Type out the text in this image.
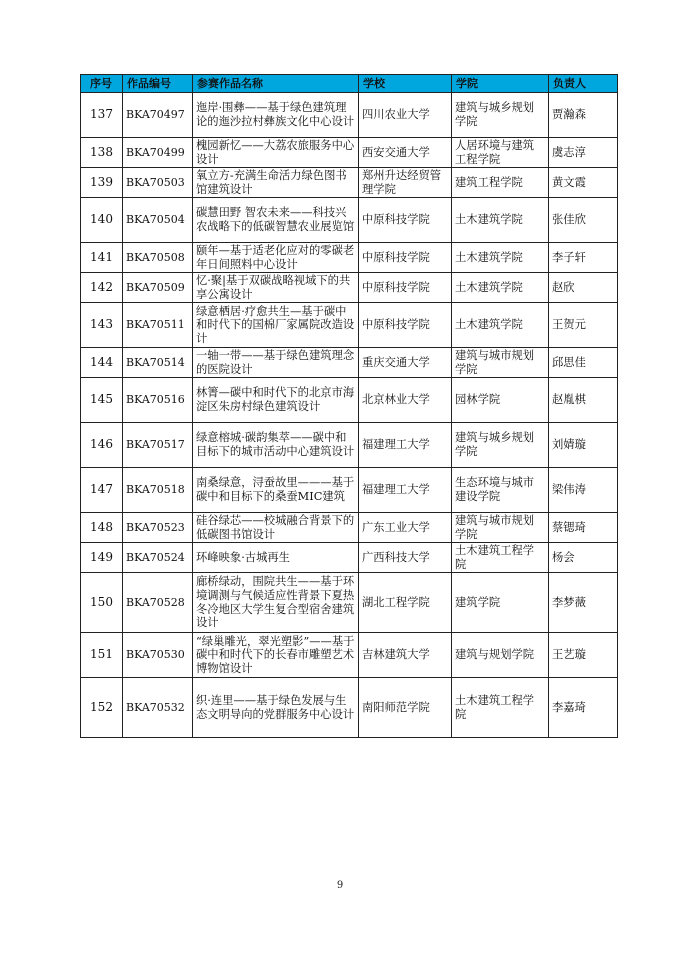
序号	作品编号	参赛作品名称	学校	学院	负责人
137	BKA70497	迤岸·围彝——基于绿色建筑理论的迤沙拉村彝族文化中心设计	四川农业大学	建筑与城乡规划学院	贾瀚森
138	BKA70499	槐园新忆——大荔农旅服务中心设计	西安交通大学	人居环境与建筑工程学院	虞志淳
139	BKA70503	氧立方-充满生命活力绿色图书馆建筑设计	郑州升达经贸管理学院	建筑工程学院	黄文霞
140	BKA70504	碳慧田野 智农未来——科技兴农战略下的低碳智慧农业展览馆	中原科技学院	土木建筑学院	张佳欣
141	BKA70508	颐年—基于适老化应对的零碳老年日间照料中心设计	中原科技学院	土木建筑学院	李子轩
142	BKA70509	忆·聚|基于双碳战略视域下的共享公寓设计	中原科技学院	土木建筑学院	赵欣
143	BKA70511	绿意栖居·疗愈共生—基于碳中和时代下的国棉厂家属院改造设计	中原科技学院	土木建筑学院	王贺元
144	BKA70514	一轴一带——基于绿色建筑理念的医院设计	重庆交通大学	建筑与城市规划学院	邱思佳
145	BKA70516	林箐—碳中和时代下的北京市海淀区朱房村绿色建筑设计	北京林业大学	园林学院	赵胤棋
146	BKA70517	绿意榕城·碳韵集萃——碳中和目标下的城市活动中心建筑设计	福建理工大学	建筑与城乡规划学院	刘婧璇
147	BKA70518	南桑绿意，浔蚕故里———基于碳中和目标下的桑蚕MIC建筑	福建理工大学	生态环境与城市建设学院	梁伟涛
148	BKA70523	硅谷绿芯——校城融合背景下的低碳图书馆设计	广东工业大学	建筑与城市规划学院	蔡锶琦
149	BKA70524	环峰映象·古城再生	广西科技大学	土木建筑工程学院	杨会
150	BKA70528	廊桥绿动，围院共生——基于环境调测与气候适应性背景下夏热冬冷地区大学生复合型宿舍建筑设计	湖北工程学院	建筑学院	李梦薇
151	BKA70530	“绿巢雕光，翠光塑影”——基于碳中和时代下的长春市雕塑艺术博物馆设计	吉林建筑大学	建筑与规划学院	王艺璇
152	BKA70532	织·连里——基于绿色发展与生态文明导向的党群服务中心设计	南阳师范学院	土木建筑工程学院	李嘉琦
9
